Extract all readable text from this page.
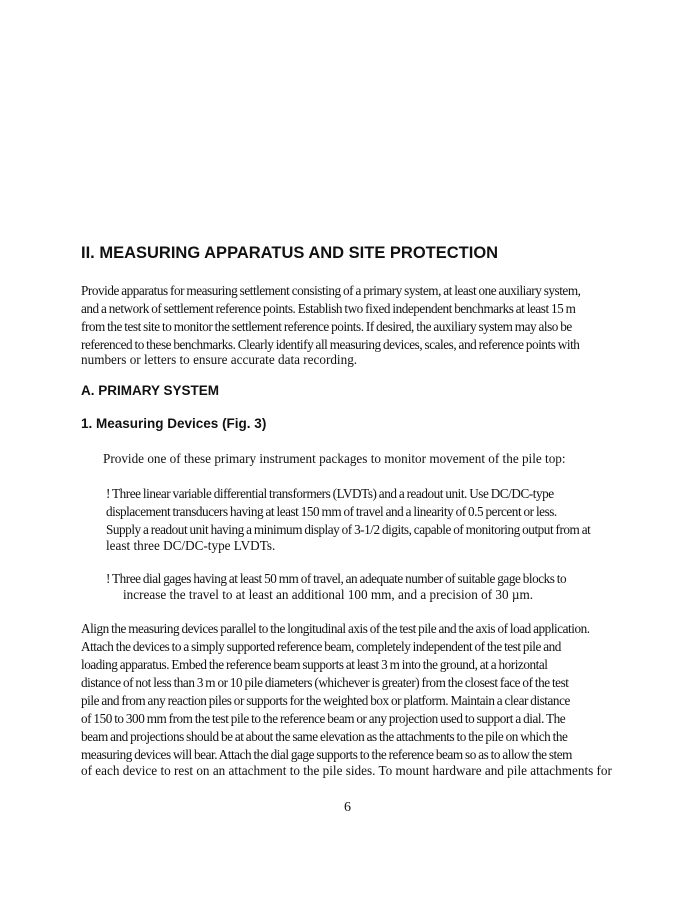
II. MEASURING APPARATUS AND SITE PROTECTION
Provide apparatus for measuring settlement consisting of a primary system, at least one auxiliary system,
and a network of settlement reference points. Establish two fixed independent benchmarks at least 15 m
from the test site to monitor the settlement reference points. If desired, the auxiliary system may also be
referenced to these benchmarks. Clearly identify all measuring devices, scales, and reference points with
numbers or letters to ensure accurate data recording.
A. PRIMARY SYSTEM
1. Measuring Devices (Fig. 3)
Provide one of these primary instrument packages to monitor movement of the pile top:
! Three linear variable differential transformers (LVDTs) and a readout unit. Use DC/DC-type
displacement transducers having at least 150 mm of travel and a linearity of 0.5 percent or less.
Supply a readout unit having a minimum display of 3-1/2 digits, capable of monitoring output from at
least three DC/DC-type LVDTs.
! Three dial gages having at least 50 mm of travel, an adequate number of suitable gage blocks to
increase the travel to at least an additional 100 mm, and a precision of 30 µm.
Align the measuring devices parallel to the longitudinal axis of the test pile and the axis of load application.
Attach the devices to a simply supported reference beam, completely independent of the test pile and
loading apparatus. Embed the reference beam supports at least 3 m into the ground, at a horizontal
distance of not less than 3 m or 10 pile diameters (whichever is greater) from the closest face of the test
pile and from any reaction piles or supports for the weighted box or platform. Maintain a clear distance
of 150 to 300 mm from the test pile to the reference beam or any projection used to support a dial. The
beam and projections should be at about the same elevation as the attachments to the pile on which the
measuring devices will bear. Attach the dial gage supports to the reference beam so as to allow the stem
of each device to rest on an attachment to the pile sides. To mount hardware and pile attachments for
6
